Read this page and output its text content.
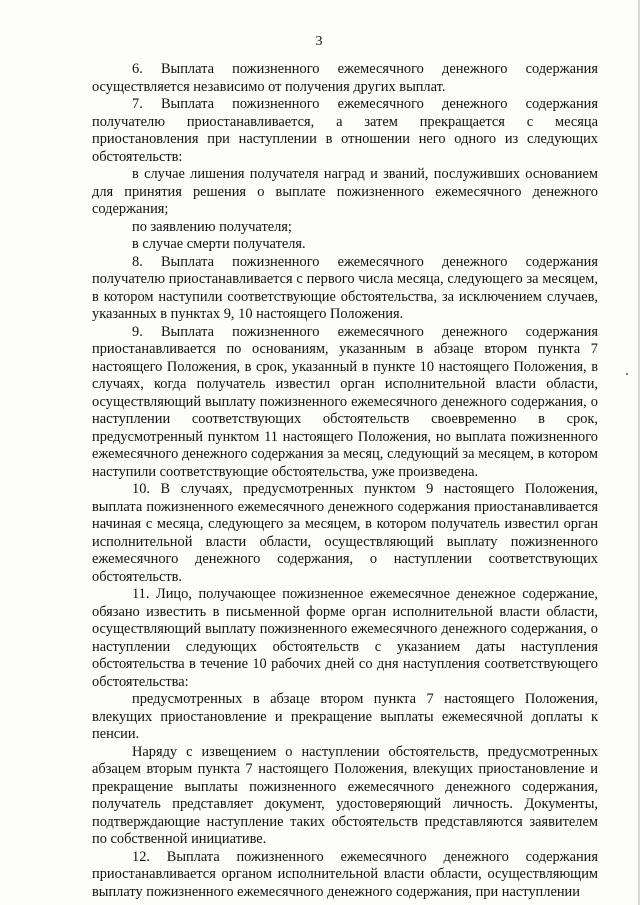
3

6. Выплата пожизненного ежемесячного денежного содержания осуществляется независимо от получения других выплат.

7. Выплата пожизненного ежемесячного денежного содержания получателю приостанавливается, а затем прекращается с месяца приостановления при наступлении в отношении него одного из следующих обстоятельств:

в случае лишения получателя наград и званий, послуживших основанием для принятия решения о выплате пожизненного ежемесячного денежного содержания;

по заявлению получателя;

в случае смерти получателя.

8. Выплата пожизненного ежемесячного денежного содержания получателю приостанавливается с первого числа месяца, следующего за месяцем, в котором наступили соответствующие обстоятельства, за исключением случаев, указанных в пунктах 9, 10 настоящего Положения.

9. Выплата пожизненного ежемесячного денежного содержания приостанавливается по основаниям, указанным в абзаце втором пункта 7 настоящего Положения, в срок, указанный в пункте 10 настоящего Положения, в случаях, когда получатель известил орган исполнительной власти области, осуществляющий выплату пожизненного ежемесячного денежного содержания, о наступлении соответствующих обстоятельств своевременно в срок, предусмотренный пунктом 11 настоящего Положения, но выплата пожизненного ежемесячного денежного содержания за месяц, следующий за месяцем, в котором наступили соответствующие обстоятельства, уже произведена.

10. В случаях, предусмотренных пунктом 9 настоящего Положения, выплата пожизненного ежемесячного денежного содержания приостанавливается начиная с месяца, следующего за месяцем, в котором получатель известил орган исполнительной власти области, осуществляющий выплату пожизненного ежемесячного денежного содержания, о наступлении соответствующих обстоятельств.

11. Лицо, получающее пожизненное ежемесячное денежное содержание, обязано известить в письменной форме орган исполнительной власти области, осуществляющий выплату пожизненного ежемесячного денежного содержания, о наступлении следующих обстоятельств с указанием даты наступления обстоятельства в течение 10 рабочих дней со дня наступления соответствующего обстоятельства:

предусмотренных в абзаце втором пункта 7 настоящего Положения, влекущих приостановление и прекращение выплаты ежемесячной доплаты к пенсии.

Наряду с извещением о наступлении обстоятельств, предусмотренных абзацем вторым пункта 7 настоящего Положения, влекущих приостановление и прекращение выплаты пожизненного ежемесячного денежного содержания, получатель представляет документ, удостоверяющий личность. Документы, подтверждающие наступление таких обстоятельств представляются заявителем по собственной инициативе.

12. Выплата пожизненного ежемесячного денежного содержания приостанавливается органом исполнительной власти области, осуществляющим выплату пожизненного ежемесячного денежного содержания, при наступлении
